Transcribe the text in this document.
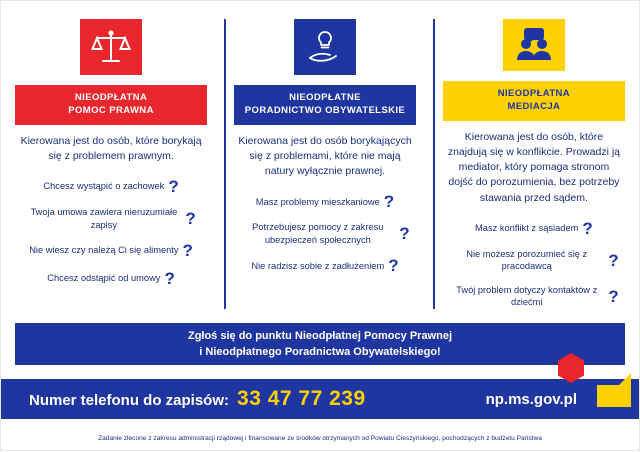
NIEODPŁATNA
POMOC PRAWNA
Kierowana jest do osób, które borykają się z problemem prawnym.
Chcesz wystąpić o zachowek ?
Twoja umowa zawiera nieruzumiałe zapisy	?
Nie wiesz czy należą Ci się alimenty ?
Chcesz odstąpić od umowy ?
NIEODPŁATNE
PORADNICTWO OBYWATELSKIE
Kierowana jest do osób borykających się z problemami, które nie mają natury wyłącznie prawnej.
Masz problemy mieszkaniowe ?
Potrzebujesz pomocy z zakresu ubezpieczeń społecznych	?
Nie radzisz sobie z zadłużeniem ?
NIEODPŁATNA
MEDIACJA
Kierowana jest do osób, które znajdują się w konflikcie. Prowadzi ją mediator, który pomaga stronom dojść do porozumienia, bez potrzeby stawania przed sądem.
Masz konflikt z sąsiadem ?
Nie możesz porozumieć się z pracodawcą	?
Twój problem dotyczy kontaktów z dziećmi	?
Zgłoś się do punktu Nieodpłatnej Pomocy Prawnej
i Nieodpłatnego Poradnictwa Obywatelskiego!
Numer telefonu do zapisów: 33 47 77 239	np.ms.gov.pl
Zadanie zlecone z zakresu administracji rządowej i finansowane ze środków otrzymanych od Powiatu Cieszyńskiego, pochodzących z budżetu Państwa
